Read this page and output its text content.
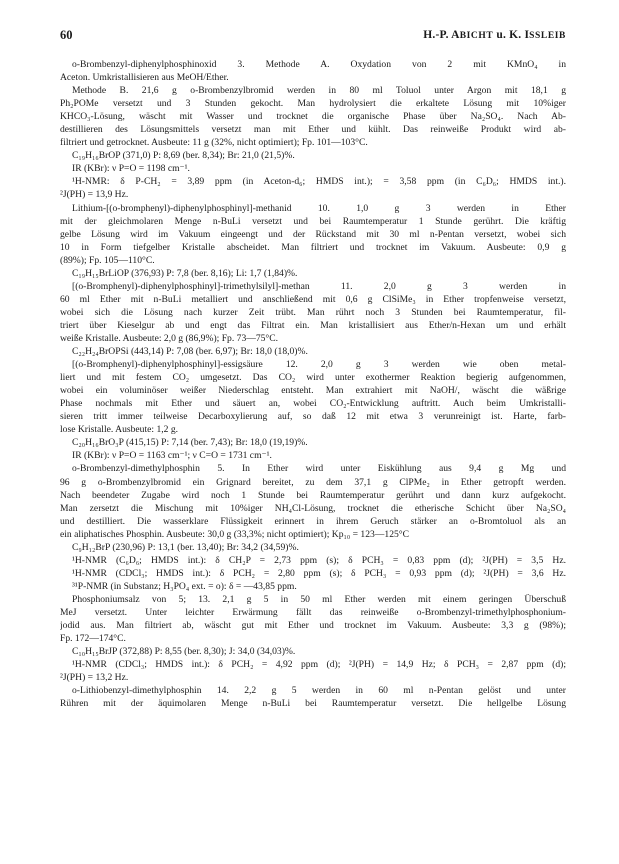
60	H.-P. ABICHT u. K. ISSLEIB
o-Brombenzyl-diphenylphosphinoxid 3. Methode A. Oxydation von 2 mit KMnO₄ in
Aceton. Umkristallisieren aus MeOH/Ether.
Methode B. 21,6 g o-Brombenzylbromid werden in 80 ml Toluol unter Argon mit 18,1 g
Ph₂POMe versetzt und 3 Stunden gekocht. Man hydrolysiert die erkaltete Lösung mit 10%iger
KHCO₃-Lösung, wäscht mit Wasser und trocknet die organische Phase über Na₂SO₄. Nach Ab-
destillieren des Lösungsmittels versetzt man mit Ether und kühlt. Das reinweiße Produkt wird ab-
filtriert und getrocknet. Ausbeute: 11 g (32%, nicht optimiert); Fp. 101—103°C.
C₁₉H₁₆BrOP (371,0) P: 8,69 (ber. 8,34); Br: 21,0 (21,5)%.
IR (KBr): ν P=O = 1198 cm⁻¹.
¹H-NMR: δ P-CH₂ = 3,89 ppm (in Aceton-d₆; HMDS int.); = 3,58 ppm (in C₆D₆; HMDS int.).
²J(PH) = 13,9 Hz.
Lithium-[(o-bromphenyl)-diphenylphosphinyl]-methanid 10. 1,0 g 3 werden in Ether
mit der gleichmolaren Menge n-BuLi versetzt und bei Raumtemperatur 1 Stunde gerührt. Die kräftig
gelbe Lösung wird im Vakuum eingeengt und der Rückstand mit 30 ml n-Pentan versetzt, wobei sich
10 in Form tiefgelber Kristalle abscheidet. Man filtriert und trocknet im Vakuum. Ausbeute: 0,9 g
(89%); Fp. 105—110°C.
C₁₉H₁₅BrLiOP (376,93) P: 7,8 (ber. 8,16); Li: 1,7 (1,84)%.
[(o-Bromphenyl)-diphenylphosphinyl]-trimethylsilyl]-methan 11. 2,0 g 3 werden in
60 ml Ether mit n-BuLi metalliert und anschließend mit 0,6 g ClSiMe₃ in Ether tropfenweise versetzt,
wobei sich die Lösung nach kurzer Zeit trübt. Man rührt noch 3 Stunden bei Raumtemperatur, fil-
triert über Kieselgur ab und engt das Filtrat ein. Man kristallisiert aus Ether/n-Hexan um und erhält
weiße Kristalle. Ausbeute: 2,0 g (86,9%); Fp. 73—75°C.
C₂₂H₂₄BrOPSi (443,14) P: 7,08 (ber. 6,97); Br: 18,0 (18,0)%.
[(o-Bromphenyl)-diphenylphosphinyl]-essigsäure 12. 2,0 g 3 werden wie oben metal-
liert und mit festem CO₂ umgesetzt. Das CO₂ wird unter exothermer Reaktion begierig aufgenommen,
wobei ein voluminöser weißer Niederschlag entsteht. Man extrahiert mit NaOH/, wäscht die wäßrige
Phase nochmals mit Ether und säuert an, wobei CO₂-Entwicklung auftritt. Auch beim Umkristalli-
sieren tritt immer teilweise Decarboxylierung auf, so daß 12 mit etwa 3 verunreinigt ist. Harte, farb-
lose Kristalle. Ausbeute: 1,2 g.
C₂₀H₁₆BrO₃P (415,15) P: 7,14 (ber. 7,43); Br: 18,0 (19,19)%.
IR (KBr): ν P=O = 1163 cm⁻¹; ν C=O = 1731 cm⁻¹.
o-Brombenzyl-dimethylphosphin 5. In Ether wird unter Eiskühlung aus 9,4 g Mg und
96 g o-Brombenzylbromid ein Grignard bereitet, zu dem 37,1 g ClPMe₂ in Ether getropft werden.
Nach beendeter Zugabe wird noch 1 Stunde bei Raumtemperatur gerührt und dann kurz aufgekocht.
Man zersetzt die Mischung mit 10%iger NH₄Cl-Lösung, trocknet die etherische Schicht über Na₂SO₄
und destilliert. Die wasserklare Flüssigkeit erinnert in ihrem Geruch stärker an o-Bromtoluol als an
ein aliphatisches Phosphin. Ausbeute: 30,0 g (33,3%; nicht optimiert); Kp₁₀ = 123—125°C
C₉H₁₂BrP (230,96) P: 13,1 (ber. 13,40); Br: 34,2 (34,59)%.
¹H-NMR (C₆D₆; HMDS int.): δ CH₂P = 2,73 ppm (s); δ PCH₃ = 0,83 ppm (d); ²J(PH) = 3,5 Hz.
¹H-NMR (CDCl₃; HMDS int.): δ PCH₂ = 2,80 ppm (s); δ PCH₃ = 0,93 ppm (d); ²J(PH) = 3,6 Hz.
³¹P-NMR (in Substanz; H₃PO₄ ext. = o): δ = —43,85 ppm.
Phosphoniumsalz von 5; 13. 2,1 g 5 in 50 ml Ether werden mit einem geringen Überschuß
MeJ versetzt. Unter leichter Erwärmung fällt das reinweiße o-Brombenzyl-trimethylphosphonium-
jodid aus. Man filtriert ab, wäscht gut mit Ether und trocknet im Vakuum. Ausbeute: 3,3 g (98%);
Fp. 172—174°C.
C₁₀H₁₅BrJP (372,88) P: 8,55 (ber. 8,30); J: 34,0 (34,03)%.
¹H-NMR (CDCl₃; HMDS int.): δ PCH₂ = 4,92 ppm (d); ²J(PH) = 14,9 Hz; δ PCH₃ = 2,87 ppm (d);
²J(PH) = 13,2 Hz.
o-Lithiobenzyl-dimethylphosphin 14. 2,2 g 5 werden in 60 ml n-Pentan gelöst und unter
Rühren mit der äquimolaren Menge n-BuLi bei Raumtemperatur versetzt. Die hellgelbe Lösung
